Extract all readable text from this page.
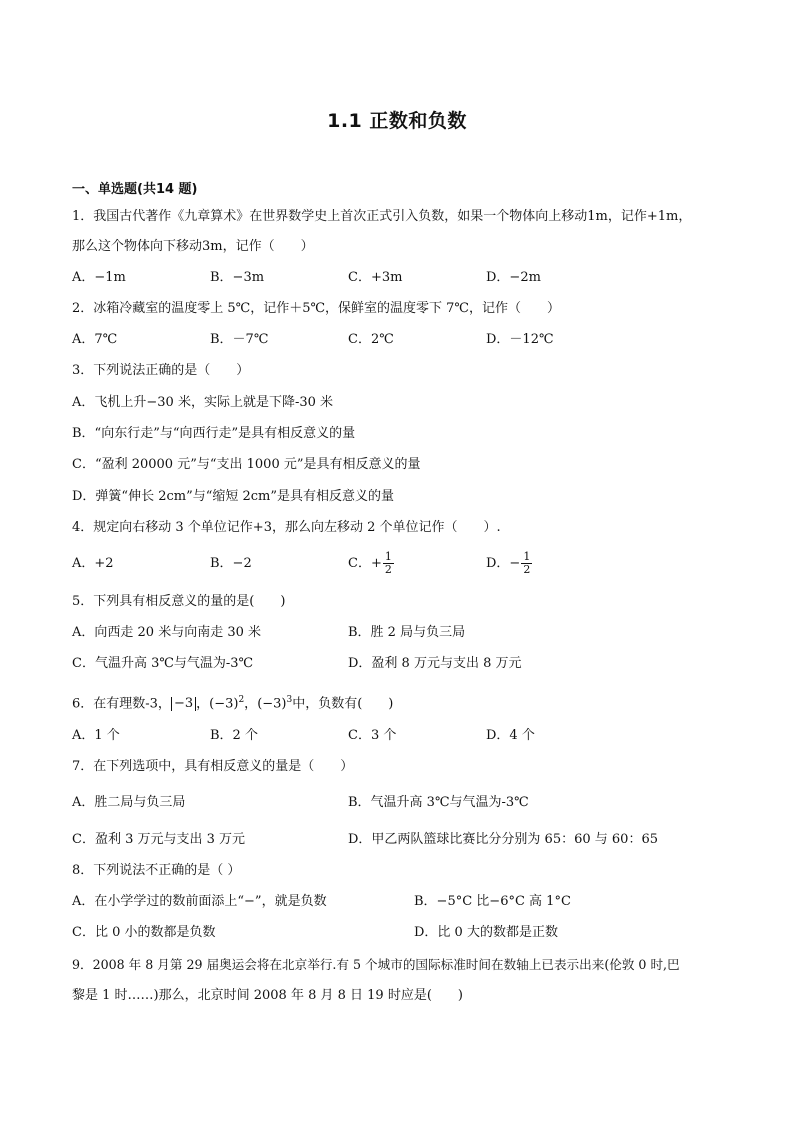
1.1 正数和负数
一、单选题(共14 题)
1．我国古代著作《九章算术》在世界数学史上首次正式引入负数，如果一个物体向上移动1m，记作+1m，
那么这个物体向下移动3m，记作（　　）
A．−1m	B．−3m	C．+3m	D．−2m
2．冰箱冷藏室的温度零上 5℃，记作＋5℃，保鲜室的温度零下 7℃，记作（　　）
A．7℃	B．－7℃	C．2℃	D．－12℃
3．下列说法正确的是（　　）
A．飞机上升−30 米，实际上就是下降-30 米
B．“向东行走”与“向西行走”是具有相反意义的量
C．“盈利 20000 元”与“支出 1000 元”是具有相反意义的量
D．弹簧“伸长 2cm”与“缩短 2cm”是具有相反意义的量
4．规定向右移动 3 个单位记作+3，那么向左移动 2 个单位记作（　　）.
A．+2	B．−2	C．+ $\frac{1}{2}$	D．− $\frac{1}{2}$
5．下列具有相反意义的量的是(　　)
A．向西走 20 米与向南走 30 米	B．胜 2 局与负三局
C．气温升高 3℃与气温为-3℃	D．盈利 8 万元与支出 8 万元
6．在有理数-3， −3 ，$(-3)^2$，$(-3)^3$中，负数有(　　)
A．1 个	B．2 个	C．3 个	D．4 个
7．在下列选项中，具有相反意义的量是（　　）
A．胜二局与负三局	B．气温升高 3℃与气温为-3℃
C．盈利 3 万元与支出 3 万元	D．甲乙两队篮球比赛比分分别为 65：60 与 60：65
8．下列说法不正确的是（ ）
A．在小学学过的数前面添上“−”，就是负数	B．−5°C 比−6°C 高 1°C
C．比 0 小的数都是负数	D．比 0 大的数都是正数
9．2008 年 8 月第 29 届奥运会将在北京举行.有 5 个城市的国际标准时间在数轴上已表示出来(伦敦 0 时,巴
黎是 1 时……)那么，北京时间 2008 年 8 月 8 日 19 时应是(　　)
